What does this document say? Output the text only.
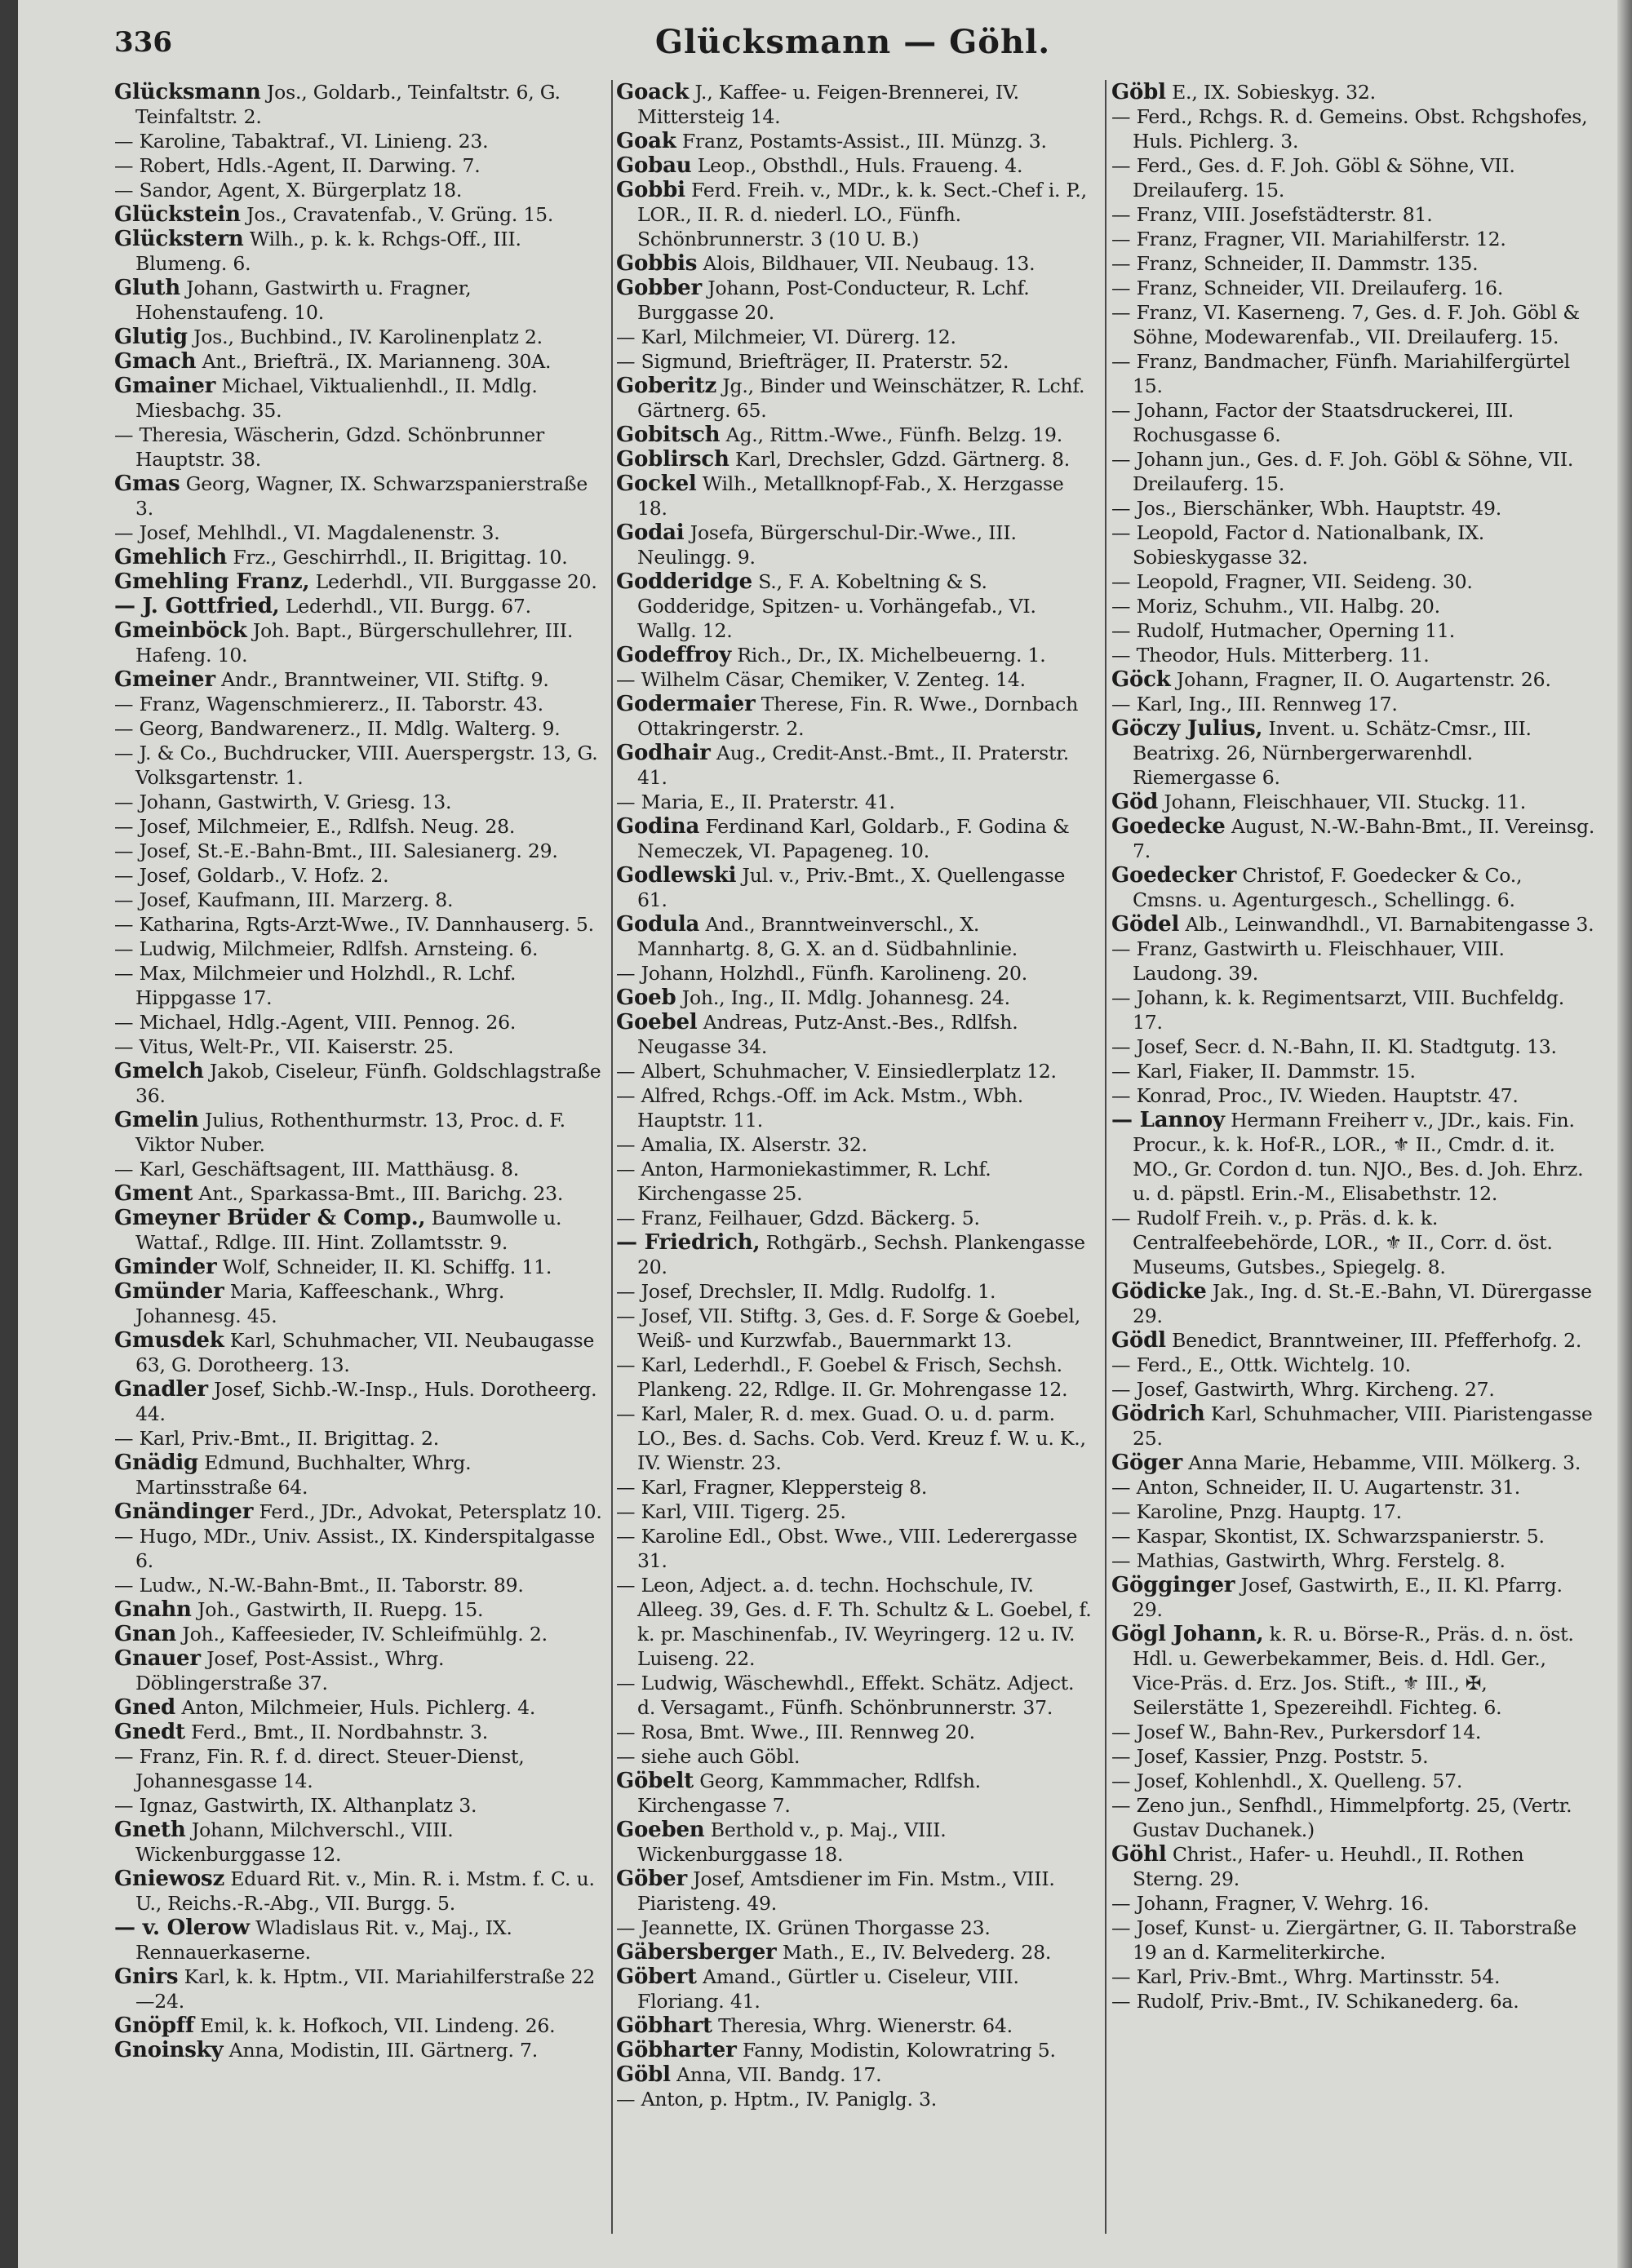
336	Glücksmann — Göhl.
Glücksmann Jos., Goldarb., Teinfaltstr. 6, G. Teinfaltstr. 2.
— Karoline, Tabaktraf., VI. Linieng. 23.
— Robert, Hdls.-Agent, II. Darwing. 7.
— Sandor, Agent, X. Bürgerplatz 18.
Glückstein Jos., Cravatenfab., V. Grüng. 15.
Glückstern Wilh., p. k. k. Rchgs-Off., III. Blumeng. 6.
Gluth Johann, Gastwirth u. Fragner, Hohenstaufeng. 10.
Glutig Jos., Buchbind., IV. Karolinenplatz 2.
Gmach Ant., Briefträ., IX. Marianneng. 30A.
Gmainer Michael, Viktualienhdl., II. Mdlg. Miesbachg. 35.
— Theresia, Wäscherin, Gdzd. Schönbrunner Hauptstr. 38.
Gmas Georg, Wagner, IX. Schwarzspanierstraße 3.
— Josef, Mehlhdl., VI. Magdalenenstr. 3.
Gmehlich Frz., Geschirrhdl., II. Brigittag. 10.
Gmehling Franz, Lederhdl., VII. Burggasse 20.
— J. Gottfried, Lederhdl., VII. Burgg. 67.
Gmeinböck Joh. Bapt., Bürgerschullehrer, III. Hafeng. 10.
Gmeiner Andr., Branntweiner, VII. Stiftg. 9.
— Franz, Wagenschmiererz., II. Taborstr. 43.
— Georg, Bandwarenerz., II. Mdlg. Walterg. 9.
— J. & Co., Buchdrucker, VIII. Auerspergstr. 13, G. Volksgartenstr. 1.
— Johann, Gastwirth, V. Griesg. 13.
— Josef, Milchmeier, E., Rdlfsh. Neug. 28.
— Josef, St.-E.-Bahn-Bmt., III. Salesianerg. 29.
— Josef, Goldarb., V. Hofz. 2.
— Josef, Kaufmann, III. Marzerg. 8.
— Katharina, Rgts-Arzt-Wwe., IV. Dannhauserg. 5.
— Ludwig, Milchmeier, Rdlfsh. Arnsteing. 6.
— Max, Milchmeier und Holzhdl., R. Lchf. Hippgasse 17.
— Michael, Hdlg.-Agent, VIII. Pennog. 26.
— Vitus, Welt-Pr., VII. Kaiserstr. 25.
Gmelch Jakob, Ciseleur, Fünfh. Goldschlagstraße 36.
Gmelin Julius, Rothenthurmstr. 13, Proc. d. F. Viktor Nuber.
— Karl, Geschäftsagent, III. Matthäusg. 8.
Gment Ant., Sparkassa-Bmt., III. Barichg. 23.
Gmeyner Brüder & Comp., Baumwolle u. Wattaf., Rdlge. III. Hint. Zollamtsstr. 9.
Gminder Wolf, Schneider, II. Kl. Schiffg. 11.
Gmünder Maria, Kaffeeschank., Whrg. Johannesg. 45.
Gmusdek Karl, Schuhmacher, VII. Neubaugasse 63, G. Dorotheerg. 13.
Gnadler Josef, Sichb.-W.-Insp., Huls. Dorotheerg. 44.
— Karl, Priv.-Bmt., II. Brigittag. 2.
Gnädig Edmund, Buchhalter, Whrg. Martinsstraße 64.
Gnändinger Ferd., JDr., Advokat, Petersplatz 10.
— Hugo, MDr., Univ. Assist., IX. Kinderspitalgasse 6.
— Ludw., N.-W.-Bahn-Bmt., II. Taborstr. 89.
Gnahn Joh., Gastwirth, II. Ruepg. 15.
Gnan Joh., Kaffeesieder, IV. Schleifmühlg. 2.
Gnauer Josef, Post-Assist., Whrg. Döblingerstraße 37.
Gned Anton, Milchmeier, Huls. Pichlerg. 4.
Gnedt Ferd., Bmt., II. Nordbahnstr. 3.
— Franz, Fin. R. f. d. direct. Steuer-Dienst, Johannesgasse 14.
— Ignaz, Gastwirth, IX. Althanplatz 3.
Gneth Johann, Milchverschl., VIII. Wickenburggasse 12.
Gniewosz Eduard Rit. v., Min. R. i. Mstm. f. C. u. U., Reichs.-R.-Abg., VII. Burgg. 5.
— v. Olerow Wladislaus Rit. v., Maj., IX. Rennauerkaserne.
Gnirs Karl, k. k. Hptm., VII. Mariahilferstraße 22—24.
Gnöpff Emil, k. k. Hofkoch, VII. Lindeng. 26.
Gnoinsky Anna, Modistin, III. Gärtnerg. 7.
Goack J., Kaffee- u. Feigen-Brennerei, IV. Mittersteig 14.
Goak Franz, Postamts-Assist., III. Münzg. 3.
Gobau Leop., Obsthdl., Huls. Fraueng. 4.
Gobbi Ferd. Freih. v., MDr., k. k. Sect.-Chef i. P., LOR., II. R. d. niederl. LO., Fünfh. Schönbrunnerstr. 3 (10 U. B.)
Gobbis Alois, Bildhauer, VII. Neubaug. 13.
Gobber Johann, Post-Conducteur, R. Lchf. Burggasse 20.
— Karl, Milchmeier, VI. Dürerg. 12.
— Sigmund, Briefträger, II. Praterstr. 52.
Goberitz Jg., Binder und Weinschätzer, R. Lchf. Gärtnerg. 65.
Gobitsch Ag., Rittm.-Wwe., Fünfh. Belzg. 19.
Goblirsch Karl, Drechsler, Gdzd. Gärtnerg. 8.
Gockel Wilh., Metallknopf-Fab., X. Herzgasse 18.
Godai Josefa, Bürgerschul-Dir.-Wwe., III. Neulingg. 9.
Godderidge S., F. A. Kobeltning & S. Godderidge, Spitzen- u. Vorhängefab., VI. Wallg. 12.
Godeffroy Rich., Dr., IX. Michelbeuerng. 1.
— Wilhelm Cäsar, Chemiker, V. Zenteg. 14.
Godermaier Therese, Fin. R. Wwe., Dornbach Ottakringerstr. 2.
Godhair Aug., Credit-Anst.-Bmt., II. Praterstr. 41.
— Maria, E., II. Praterstr. 41.
Godina Ferdinand Karl, Goldarb., F. Godina & Nemeczek, VI. Papageneg. 10.
Godlewski Jul. v., Priv.-Bmt., X. Quellengasse 61.
Godula And., Branntweinverschl., X. Mannhartg. 8, G. X. an d. Südbahnlinie.
— Johann, Holzhdl., Fünfh. Karolineng. 20.
Goeb Joh., Ing., II. Mdlg. Johannesg. 24.
Goebel Andreas, Putz-Anst.-Bes., Rdlfsh. Neugasse 34.
— Albert, Schuhmacher, V. Einsiedlerplatz 12.
— Alfred, Rchgs.-Off. im Ack. Mstm., Wbh. Hauptstr. 11.
— Amalia, IX. Alserstr. 32.
— Anton, Harmoniekastimmer, R. Lchf. Kirchengasse 25.
— Franz, Feilhauer, Gdzd. Bäckerg. 5.
— Friedrich, Rothgärb., Sechsh. Plankengasse 20.
— Josef, Drechsler, II. Mdlg. Rudolfg. 1.
— Josef, VII. Stiftg. 3, Ges. d. F. Sorge & Goebel, Weiß- und Kurzwfab., Bauernmarkt 13.
— Karl, Lederhdl., F. Goebel & Frisch, Sechsh. Plankeng. 22, Rdlge. II. Gr. Mohrengasse 12.
— Karl, Maler, R. d. mex. Guad. O. u. d. parm. LO., Bes. d. Sachs. Cob. Verd. Kreuz f. W. u. K., IV. Wienstr. 23.
— Karl, Fragner, Kleppersteig 8.
— Karl, VIII. Tigerg. 25.
— Karoline Edl., Obst. Wwe., VIII. Lederergasse 31.
— Leon, Adject. a. d. techn. Hochschule, IV. Alleeg. 39, Ges. d. F. Th. Schultz & L. Goebel, f. k. pr. Maschinenfab., IV. Weyringerg. 12 u. IV. Luiseng. 22.
— Ludwig, Wäschewhdl., Effekt. Schätz. Adject. d. Versagamt., Fünfh. Schönbrunnerstr. 37.
— Rosa, Bmt. Wwe., III. Rennweg 20.
— siehe auch Göbl.
Göbelt Georg, Kammmacher, Rdlfsh. Kirchengasse 7.
Goeben Berthold v., p. Maj., VIII. Wickenburggasse 18.
Göber Josef, Amtsdiener im Fin. Mstm., VIII. Piaristeng. 49.
— Jeannette, IX. Grünen Thorgasse 23.
Gäbersberger Math., E., IV. Belvederg. 28.
Göbert Amand., Gürtler u. Ciseleur, VIII. Floriang. 41.
Göbhart Theresia, Whrg. Wienerstr. 64.
Göbharter Fanny, Modistin, Kolowratring 5.
Göbl Anna, VII. Bandg. 17.
— Anton, p. Hptm., IV. Paniglg. 3.
Göbl E., IX. Sobieskyg. 32.
— Ferd., Rchgs. R. d. Gemeins. Obst. Rchgshofes, Huls. Pichlerg. 3.
— Ferd., Ges. d. F. Joh. Göbl & Söhne, VII. Dreilauferg. 15.
— Franz, VIII. Josefstädterstr. 81.
— Franz, Fragner, VII. Mariahilferstr. 12.
— Franz, Schneider, II. Dammstr. 135.
— Franz, Schneider, VII. Dreilauferg. 16.
— Franz, VI. Kaserneng. 7, Ges. d. F. Joh. Göbl & Söhne, Modewarenfab., VII. Dreilauferg. 15.
— Franz, Bandmacher, Fünfh. Mariahilfergürtel 15.
— Johann, Factor der Staatsdruckerei, III. Rochusgasse 6.
— Johann jun., Ges. d. F. Joh. Göbl & Söhne, VII. Dreilauferg. 15.
— Jos., Bierschänker, Wbh. Hauptstr. 49.
— Leopold, Factor d. Nationalbank, IX. Sobieskygasse 32.
— Leopold, Fragner, VII. Seideng. 30.
— Moriz, Schuhm., VII. Halbg. 20.
— Rudolf, Hutmacher, Operning 11.
— Theodor, Huls. Mitterberg. 11.
Göck Johann, Fragner, II. O. Augartenstr. 26.
— Karl, Ing., III. Rennweg 17.
Göczy Julius, Invent. u. Schätz-Cmsr., III. Beatrixg. 26, Nürnbergerwarenhdl. Riemergasse 6.
Göd Johann, Fleischhauer, VII. Stuckg. 11.
Goedecke August, N.-W.-Bahn-Bmt., II. Vereinsg. 7.
Goedecker Christof, F. Goedecker & Co., Cmsns. u. Agenturgesch., Schellingg. 6.
Gödel Alb., Leinwandhdl., VI. Barnabitengasse 3.
— Franz, Gastwirth u. Fleischhauer, VIII. Laudong. 39.
— Johann, k. k. Regimentsarzt, VIII. Buchfeldg. 17.
— Josef, Secr. d. N.-Bahn, II. Kl. Stadtgutg. 13.
— Karl, Fiaker, II. Dammstr. 15.
— Konrad, Proc., IV. Wieden. Hauptstr. 47.
— Lannoy Hermann Freiherr v., JDr., kais. Fin. Procur., k. k. Hof-R., LOR., ⚜ II., Cmdr. d. it. MO., Gr. Cordon d. tun. NJO., Bes. d. Joh. Ehrz. u. d. päpstl. Erin.-M., Elisabethstr. 12.
— Rudolf Freih. v., p. Präs. d. k. k. Centralfeebehörde, LOR., ⚜ II., Corr. d. öst. Museums, Gutsbes., Spiegelg. 8.
Gödicke Jak., Ing. d. St.-E.-Bahn, VI. Dürergasse 29.
Gödl Benedict, Branntweiner, III. Pfefferhofg. 2.
— Ferd., E., Ottk. Wichtelg. 10.
— Josef, Gastwirth, Whrg. Kircheng. 27.
Gödrich Karl, Schuhmacher, VIII. Piaristengasse 25.
Göger Anna Marie, Hebamme, VIII. Mölkerg. 3.
— Anton, Schneider, II. U. Augartenstr. 31.
— Karoline, Pnzg. Hauptg. 17.
— Kaspar, Skontist, IX. Schwarzspanierstr. 5.
— Mathias, Gastwirth, Whrg. Ferstelg. 8.
Gögginger Josef, Gastwirth, E., II. Kl. Pfarrg. 29.
Gögl Johann, k. R. u. Börse-R., Präs. d. n. öst. Hdl. u. Gewerbekammer, Beis. d. Hdl. Ger., Vice-Präs. d. Erz. Jos. Stift., ⚜ III., ✠, Seilerstätte 1, Spezereihdl. Fichteg. 6.
— Josef W., Bahn-Rev., Purkersdorf 14.
— Josef, Kassier, Pnzg. Poststr. 5.
— Josef, Kohlenhdl., X. Quelleng. 57.
— Zeno jun., Senfhdl., Himmelpfortg. 25, (Vertr. Gustav Duchanek.)
Göhl Christ., Hafer- u. Heuhdl., II. Rothen Sterng. 29.
— Johann, Fragner, V. Wehrg. 16.
— Josef, Kunst- u. Ziergärtner, G. II. Taborstraße 19 an d. Karmeliterkirche.
— Karl, Priv.-Bmt., Whrg. Martinsstr. 54.
— Rudolf, Priv.-Bmt., IV. Schikanederg. 6a.
